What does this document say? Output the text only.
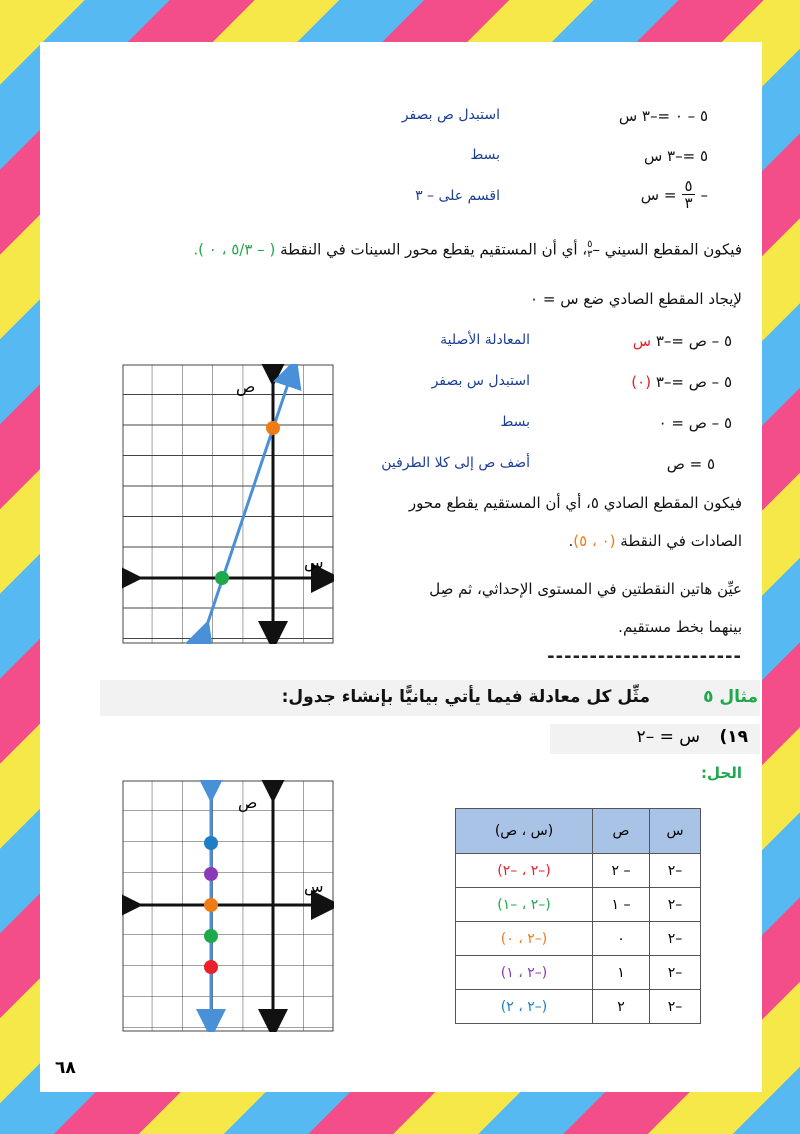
٥ – ٠ =–٣ س
استبدل ص بصفر
٥ =–٣ س
بسط
–
٥
٣
= س
اقسم على – ٣
فيكون المقطع السيني –
٥
٣
، أي أن المستقيم يقطع محور السينات في النقطة ( – ٥/٣ ، ٠ ).
لإيجاد المقطع الصادي ضع س = ٠
٥ – ص =–٣ س
المعادلة الأصلية
٥ – ص =–٣ (٠)
استبدل س بصفر
٥ – ص = ٠
بسط
٥ = ص
أضف ص إلى كلا الطرفين
فيكون المقطع الصادي ٥، أي أن المستقيم يقطع محور
الصادات في النقطة (٠ ، ٥).
عيِّن هاتين النقطتين في المستوى الإحداثي، ثم صِل
بينهما بخط مستقيم.
س
ص
-----------------------
مثال ٥
مثِّل كل معادلة فيما يأتي بيانيًّا بإنشاء جدول:
١٩)
س = –٢
الحل:
س
ص
س	ص	(س ، ص)
–٢	– ٢	(–٢ ، –٢)
–٢	– ١	(–٢ ، –١)
–٢	٠	(–٢ ، ٠)
–٢	١	(–٢ ، ١)
–٢	٢	(–٢ ، ٢)
٦٨
